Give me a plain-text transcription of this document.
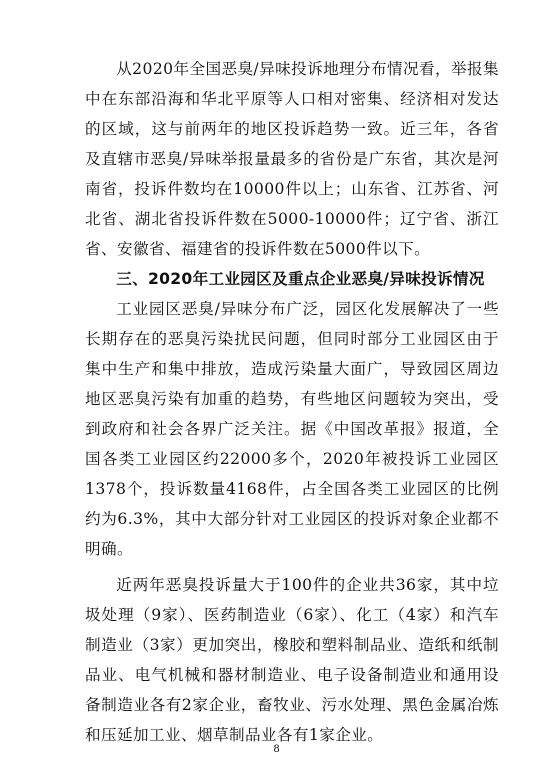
从2020年全国恶臭/异味投诉地理分布情况看，举报集中在东部沿海和华北平原等人口相对密集、经济相对发达的区域，这与前两年的地区投诉趋势一致。近三年，各省及直辖市恶臭/异味举报量最多的省份是广东省，其次是河南省，投诉件数均在10000件以上；山东省、江苏省、河北省、湖北省投诉件数在5000-10000件；辽宁省、浙江省、安徽省、福建省的投诉件数在5000件以下。

三、2020年工业园区及重点企业恶臭/异味投诉情况

工业园区恶臭/异味分布广泛，园区化发展解决了一些长期存在的恶臭污染扰民问题，但同时部分工业园区由于集中生产和集中排放，造成污染量大面广，导致园区周边地区恶臭污染有加重的趋势，有些地区问题较为突出，受到政府和社会各界广泛关注。据《中国改革报》报道，全国各类工业园区约22000多个，2020年被投诉工业园区1378个，投诉数量4168件，占全国各类工业园区的比例约为6.3%，其中大部分针对工业园区的投诉对象企业都不明确。

近两年恶臭投诉量大于100件的企业共36家，其中垃圾处理（9家）、医药制造业（6家）、化工（4家）和汽车制造业（3家）更加突出，橡胶和塑料制品业、造纸和纸制品业、电气机械和器材制造业、电子设备制造业和通用设备制造业各有2家企业，畜牧业、污水处理、黑色金属冶炼和压延加工业、烟草制品业各有1家企业。

8
